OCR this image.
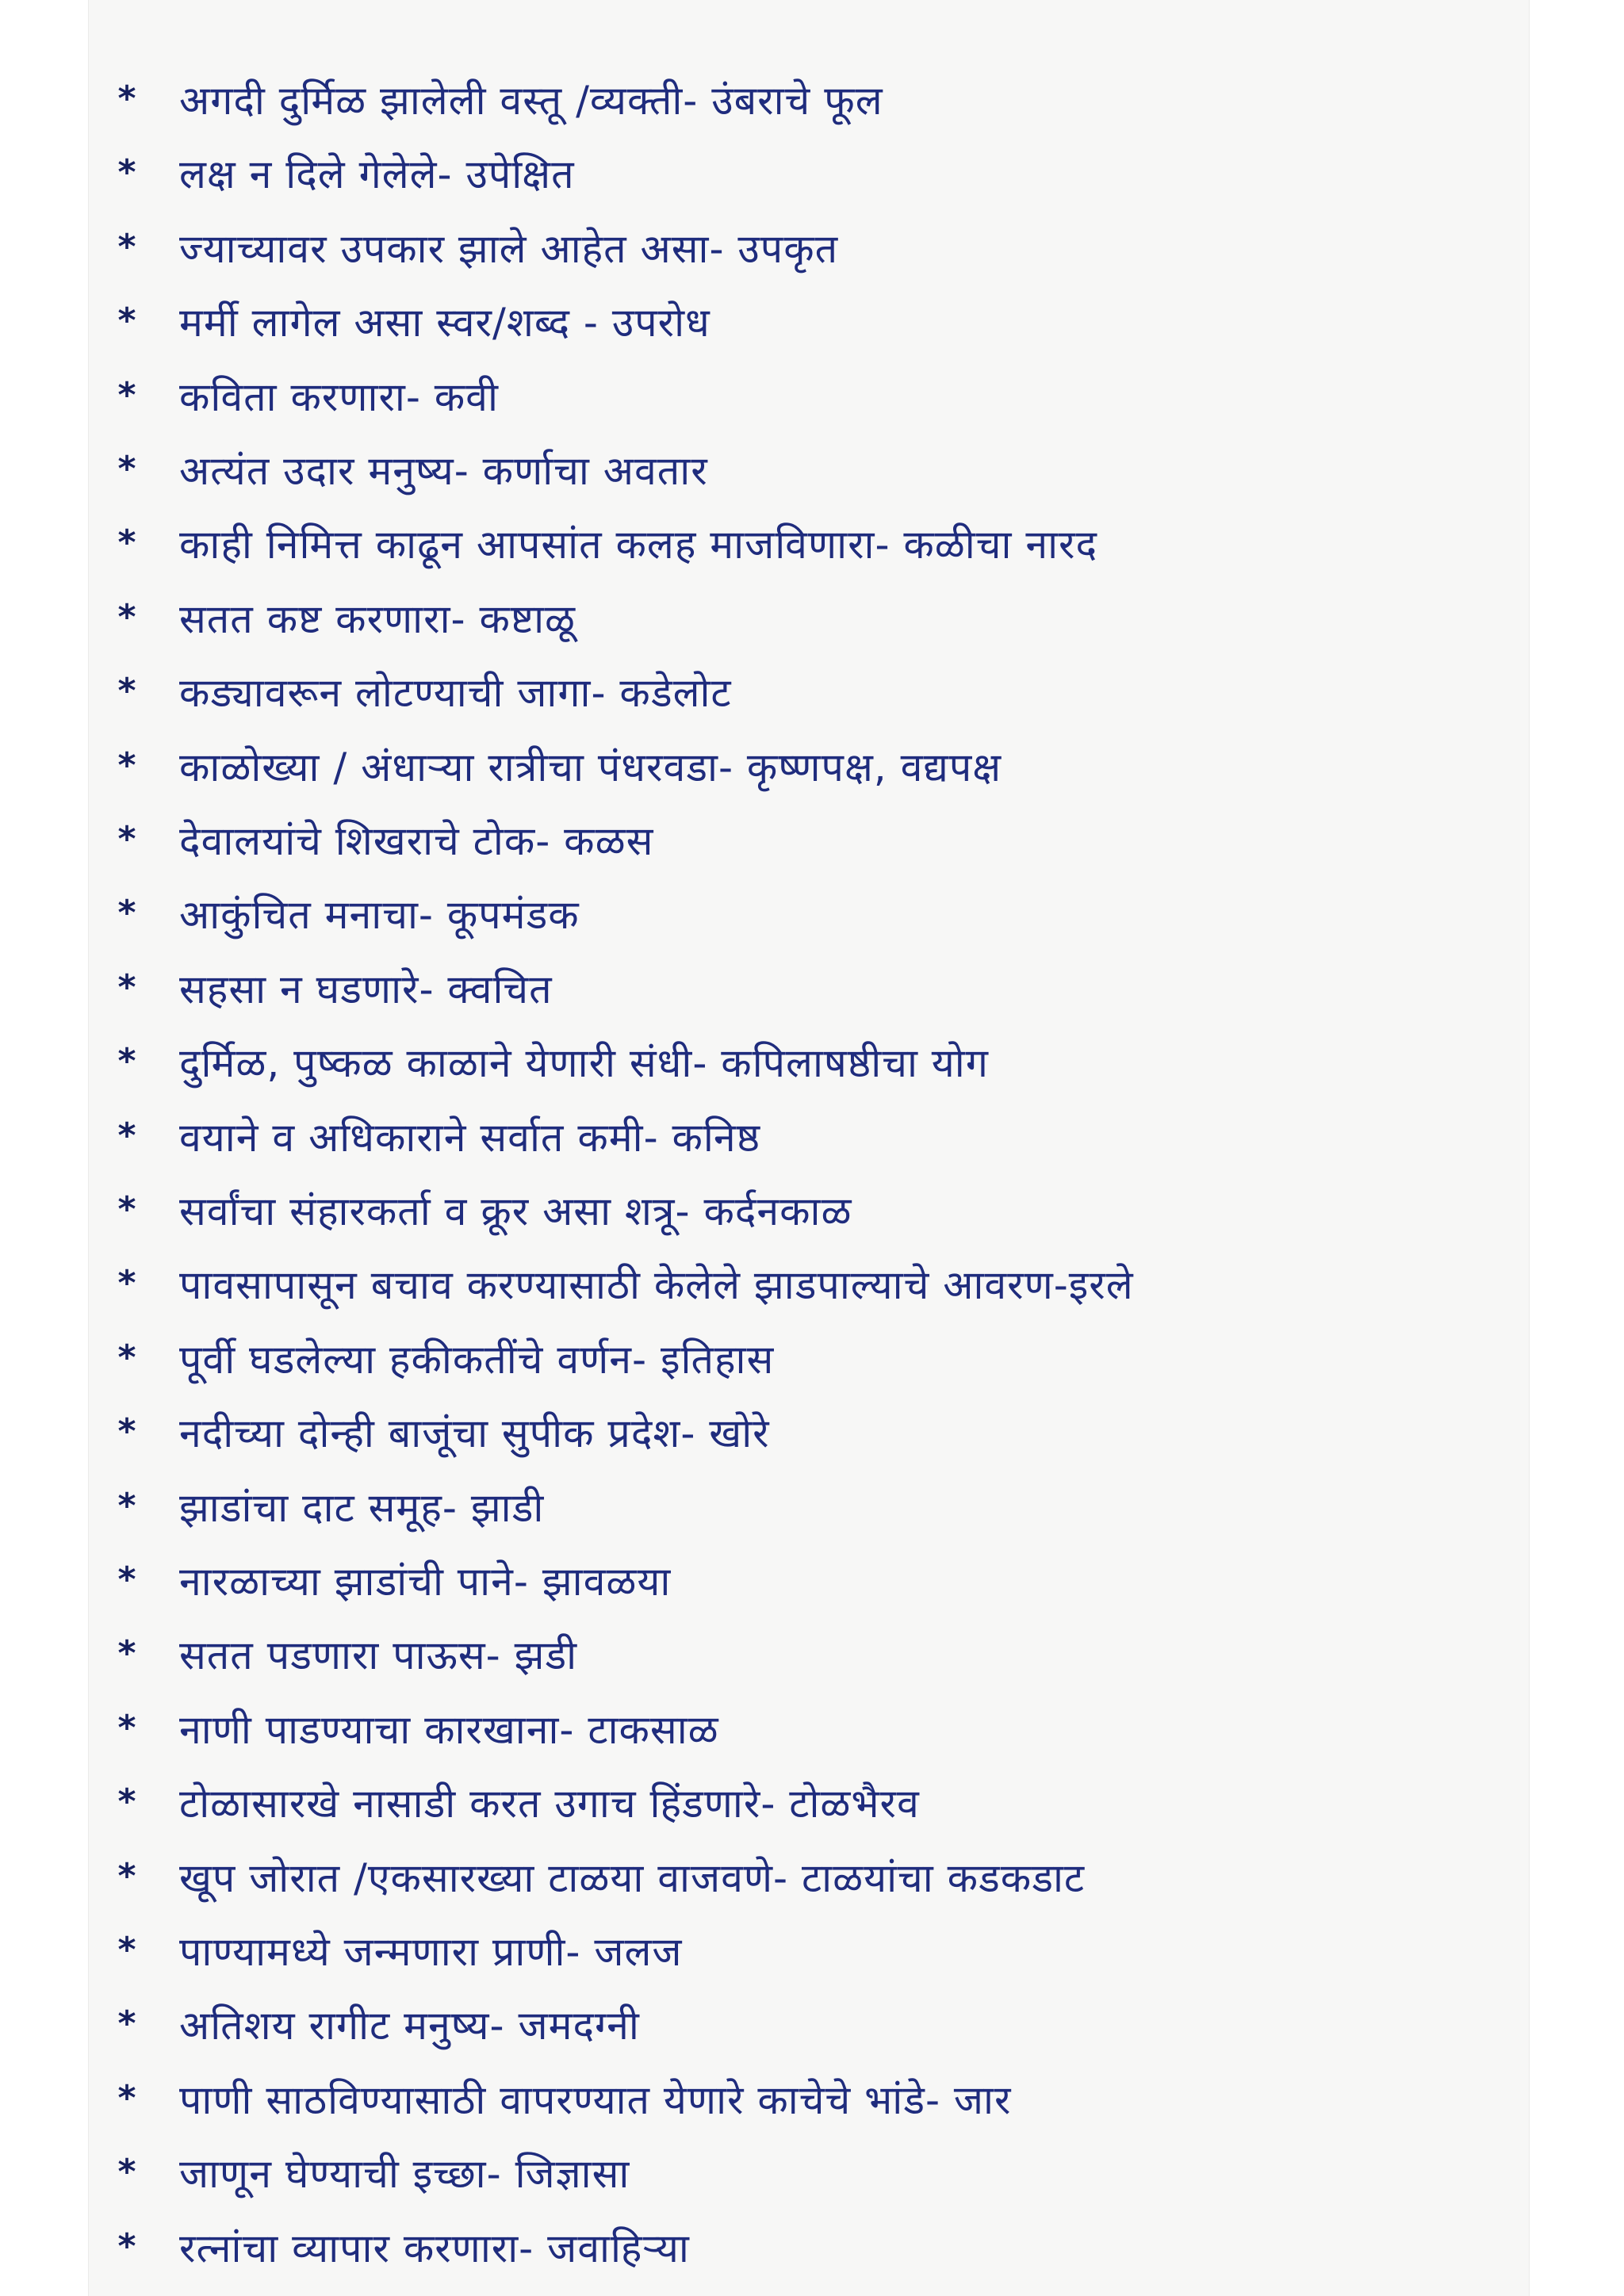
*	अगदी दुर्मिळ झालेली वस्तू /व्यक्ती- उंबराचे फूल
*	लक्ष न दिले गेलेले- उपेक्षित
*	ज्याच्यावर उपकार झाले आहेत असा- उपकृत
*	मर्मी लागेल असा स्वर/शब्द - उपरोध
*	कविता करणारा- कवी
*	अत्यंत उदार मनुष्य- कर्णाचा अवतार
*	काही निमित्त काढून आपसांत कलह माजविणारा- कळीचा नारद
*	सतत कष्ट करणारा- कष्टाळू
*	कड्यावरून लोटण्याची जागा- कडेलोट
*	काळोख्या / अंधाऱ्या रात्रीचा पंधरवडा- कृष्णपक्ष, वद्यपक्ष
*	देवालयांचे शिखराचे टोक- कळस
*	आकुंचित मनाचा- कूपमंडक
*	सहसा न घडणारे- क्वचित
*	दुर्मिळ, पुष्कळ काळाने येणारी संधी- कपिलाषष्ठीचा योग
*	वयाने व अधिकाराने सर्वात कमी- कनिष्ठ
*	सर्वांचा संहारकर्ता व क्रूर असा शत्रू- कर्दनकाळ
*	पावसापासून बचाव करण्यासाठी केलेले झाडपाल्याचे आवरण-इरले
*	पूर्वी घडलेल्या हकीकतींचे वर्णन- इतिहास
*	नदीच्या दोन्ही बाजूंचा सुपीक प्रदेश- खोरे
*	झाडांचा दाट समूह- झाडी
*	नारळाच्या झाडांची पाने- झावळया
*	सतत पडणारा पाऊस- झडी
*	नाणी पाडण्याचा कारखाना- टाकसाळ
*	टोळासारखे नासाडी करत उगाच हिंडणारे- टोळभैरव
*	खूप जोरात /एकसारख्या टाळया वाजवणे- टाळयांचा कडकडाट
*	पाण्यामध्ये जन्मणारा प्राणी- जलज
*	अतिशय रागीट मनुष्य- जमदग्नी
*	पाणी साठविण्यासाठी वापरण्यात येणारे काचेचे भांडे- जार
*	जाणून घेण्याची इच्छा- जिज्ञासा
*	रत्नांचा व्यापार करणारा- जवाहिऱ्या
